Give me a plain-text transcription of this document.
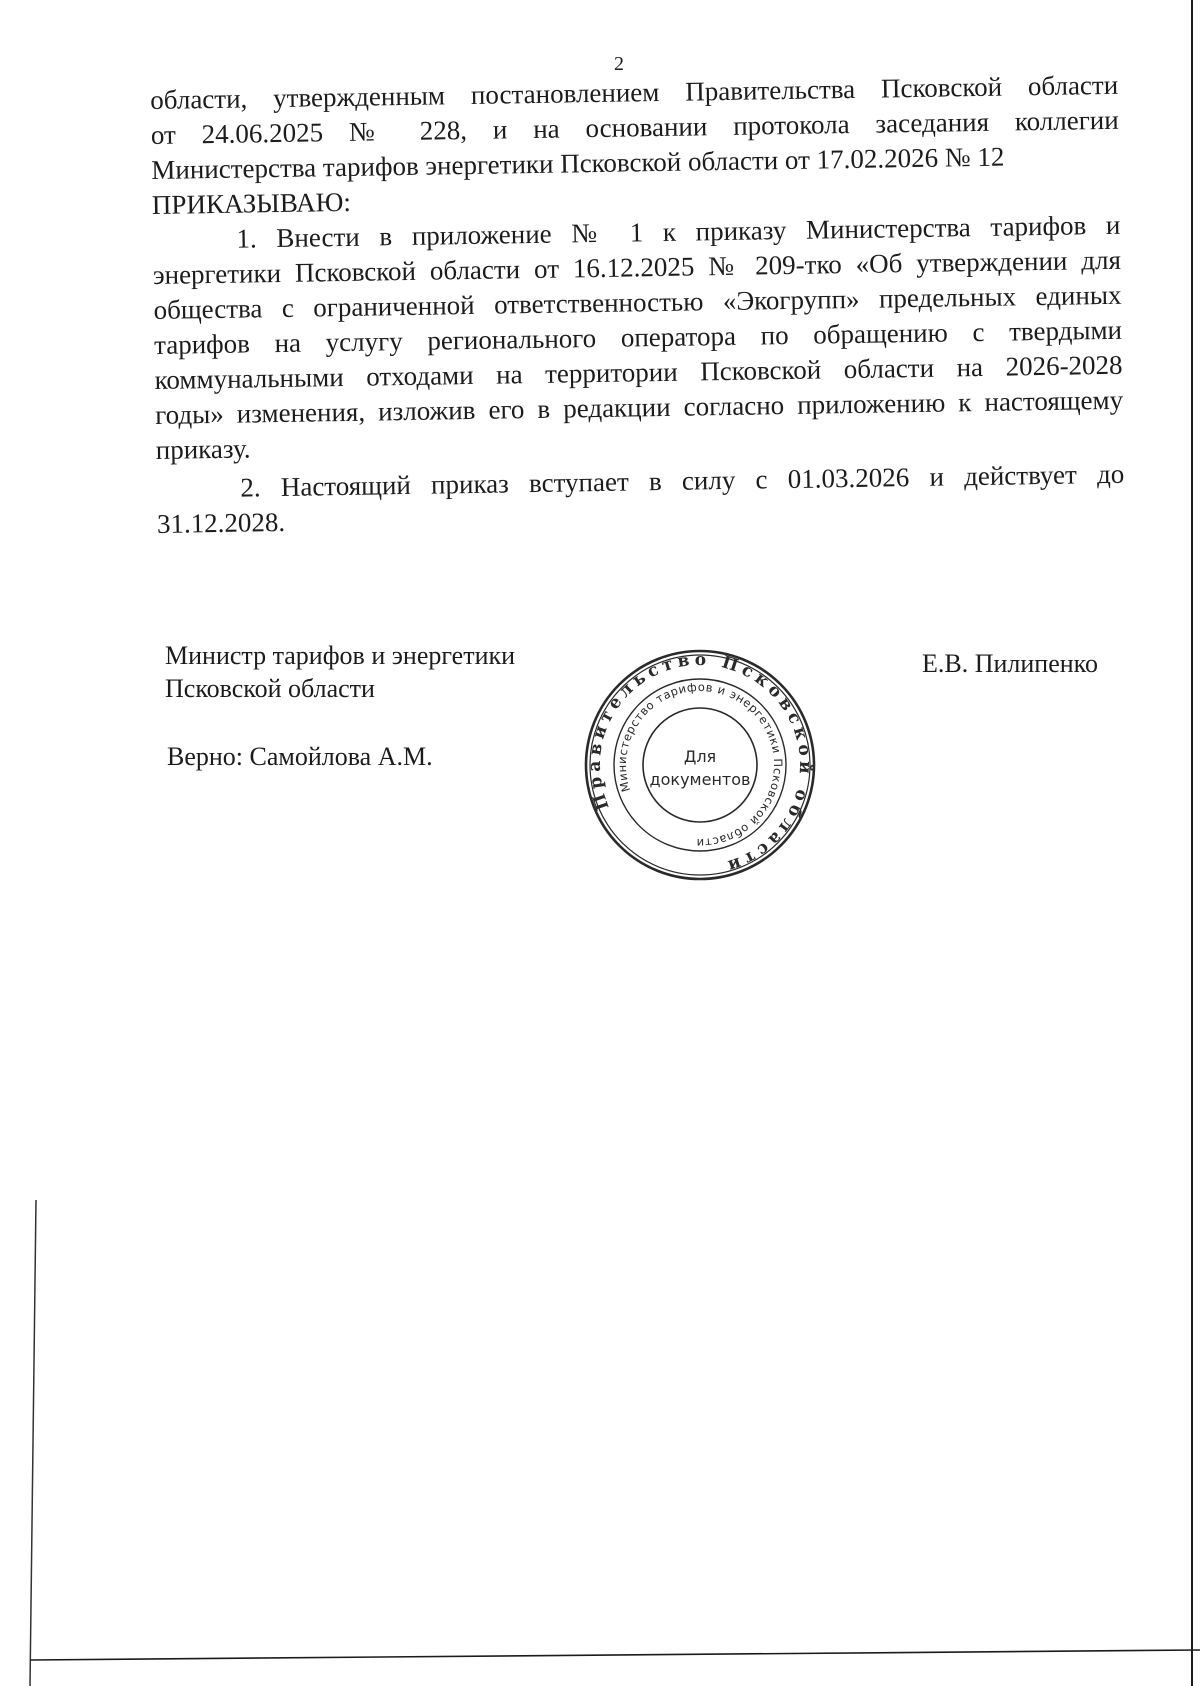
2
области, утвержденным постановлением Правительства Псковской области
от 24.06.2025 № 228, и на основании протокола заседания коллегии
Министерства тарифов энергетики Псковской области от 17.02.2026 № 12
ПРИКАЗЫВАЮ:
1. Внести в приложение № 1 к приказу Министерства тарифов и
энергетики Псковской области от 16.12.2025 № 209-тко «Об утверждении для
общества с ограниченной ответственностью «Экогрупп» предельных единых
тарифов на услугу регионального оператора по обращению с твердыми
коммунальными отходами на территории Псковской области на 2026-2028
годы» изменения, изложив его в редакции согласно приложению к настоящему
приказу.
2. Настоящий приказ вступает в силу с 01.03.2026 и действует до
31.12.2028.
Министр тарифов и энергетики
Псковской области
Е.В. Пилипенко
Верно: Самойлова А.М.
Правительство Псковской области
Министерство тарифов и энергетики Псковской области
Для
документов
